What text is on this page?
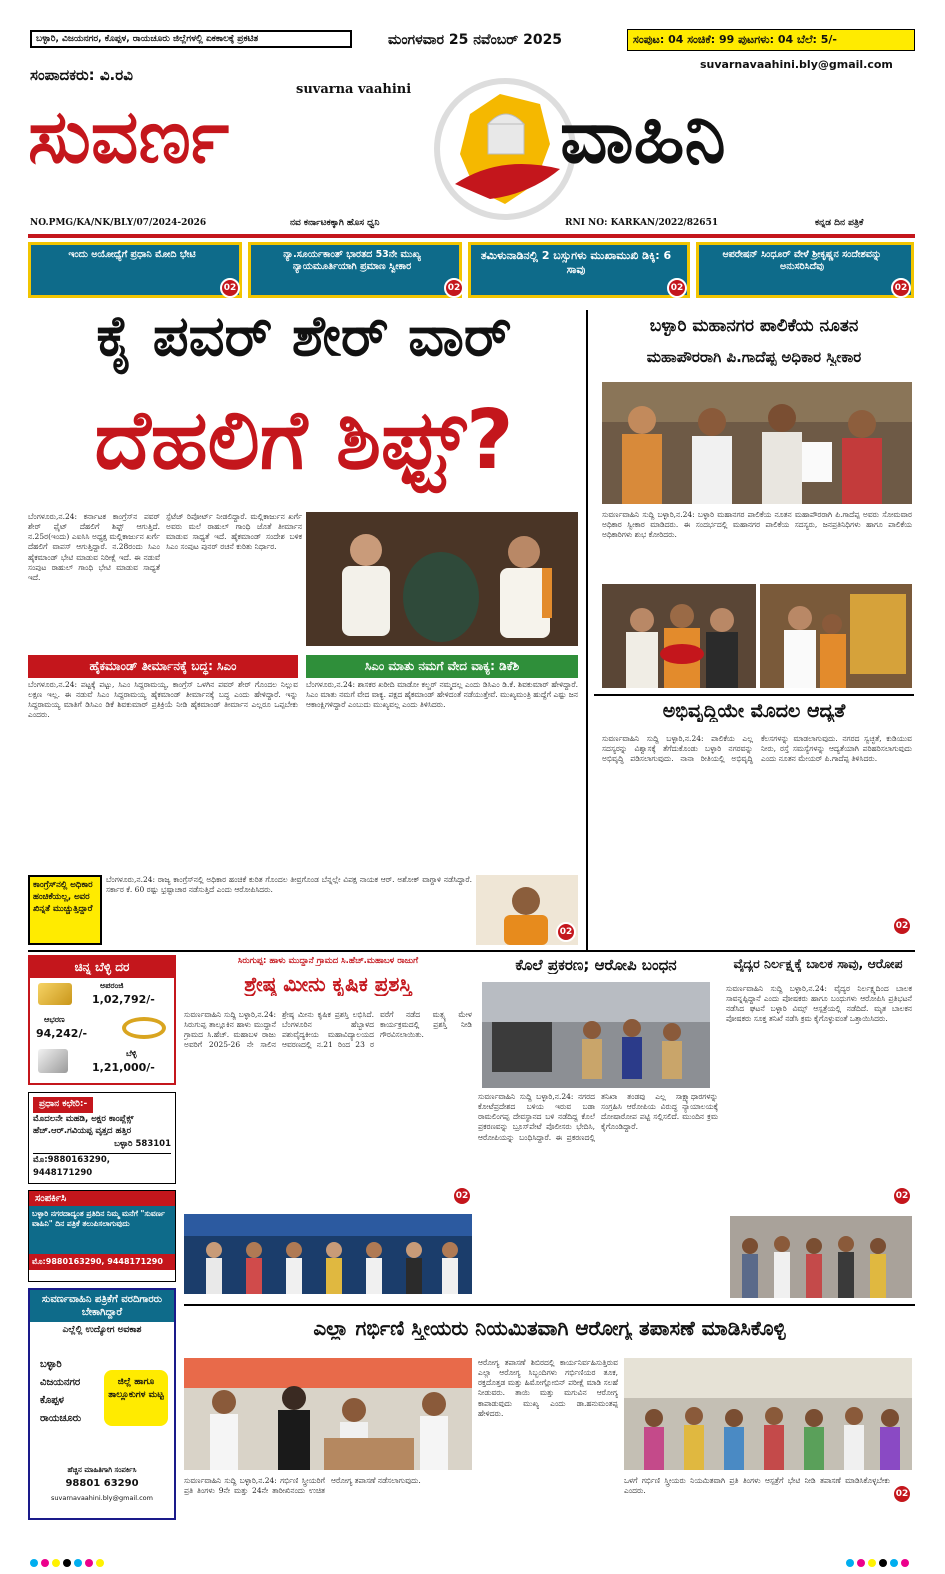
ಬಳ್ಳಾರಿ, ವಿಜಯನಗರ, ಕೊಪ್ಪಳ, ರಾಯಚೂರು ಜಿಲ್ಲೆಗಳಲ್ಲಿ ಏಕಕಾಲಕ್ಕೆ ಪ್ರಕಟಿತ	ಮಂಗಳವಾರ 25 ನವೆಂಬರ್ 2025	ಸಂಪುಟ: 04 ಸಂಚಿಕೆ: 99 ಪುಟಗಳು: 04 ಬೆಲೆ: 5/-
suvarnavaahini.bly@gmail.com
ಸಂಪಾದಕರು: ವಿ.ರವಿ
suvarna vaahini
ಸುವರ್ಣ	ವಾಹಿನಿ
NO.PMG/KA/NK/BLY/07/2024-2026	ನವ ಕರ್ನಾಟಕಕ್ಕಾಗಿ ಹೊಸ ಧ್ವನಿ	RNI NO: KARKAN/2022/82651	ಕನ್ನಡ ದಿನ ಪತ್ರಿಕೆ
ಇಂದು ಅಯೋಧ್ಯೆಗೆ ಪ್ರಧಾನಿ ಮೋದಿ ಭೇಟಿ	ನ್ಯಾ.ಸೂರ್ಯಕಾಂತ್ ಭಾರತದ 53ನೇ ಮುಖ್ಯ ನ್ಯಾಯಮೂರ್ತಿಯಾಗಿ ಪ್ರಮಾಣ ಸ್ವೀಕಾರ
ತಮಿಳುನಾಡಿನಲ್ಲಿ 2 ಬಸ್ಸುಗಳು ಮುಖಾಮುಖಿ ಡಿಕ್ಕಿ: 6 ಸಾವು
ಆಪರೇಷನ್ ಸಿಂಧೂರ್ ವೇಳೆ ಶ್ರೀಕೃಷ್ಣನ ಸಂದೇಶವನ್ನು ಅನುಸರಿಸಿದೆವು
02	02	02	02
ಕೈ ಪವರ್ ಶೇರ್ ವಾರ್
ದೆಹಲಿಗೆ ಶಿಫ್ಟ್?
ಬೆಂಗಳೂರು,ನ.24: ಕರ್ನಾಟಕ ಕಾಂಗ್ರೆಸ್‌ನ ಪವರ್ ಶೇರ್ ಫೈಟ್ ದೆಹಲಿಗೆ ಶಿಫ್ಟ್ ಆಗುತ್ತಿದೆ. ನ.25ರ(ಇಂದು) ಎಐಸಿಸಿ ಅಧ್ಯಕ್ಷ ಮಲ್ಲಿಕಾರ್ಜುನ ಖರ್ಗೆ ದೆಹಲಿಗೆ ವಾಪಸ್ ಆಗುತ್ತಿದ್ದಾರೆ. ನ.28ರಂದು ಸಿಎಂ ಹೈಕಮಾಂಡ್ ಭೇಟಿ ಮಾಡುವ ನಿರೀಕ್ಷೆ ಇದೆ. ಈ ನಡುವೆ ಸಂಪುಟ ರಾಹುಲ್ ಗಾಂಧಿ ಭೇಟಿ ಮಾಡುವ ಸಾಧ್ಯತೆ ಇದೆ.
ಸ್ಪೆಟೆಜ್ ರಿಪೋರ್ಟ್ ನೀಡಲಿದ್ದಾರೆ. ಮಲ್ಲಿಕಾರ್ಜುನ ಖರ್ಗೆ ಅವರು ಮಲೆ ರಾಹುಲ್ ಗಾಂಧಿ ಜೊತೆ ತೀರ್ಮಾನ ಮಾಡುವ ಸಾಧ್ಯತೆ ಇದೆ. ಹೈಕಮಾಂಡ್ ಸಂದೇಶ ಬಳಿಕ ಸಿಎಂ ಸಂಪುಟ ಪುನರ್ ರಚನೆ ಕುರಿತು ನಿರ್ಧಾರ.
ಹೈಕಮಾಂಡ್ ತೀರ್ಮಾನಕ್ಕೆ ಬದ್ಧ: ಸಿಎಂ	ಸಿಎಂ ಮಾತು ನಮಗೆ ವೇದ ವಾಕ್ಯ: ಡಿಕೆಶಿ
ಬೆಂಗಳೂರು,ನ.24: ಪಟ್ಟಕ್ಕೆ ಪಟ್ಟು, ಸಿಎಂ ಸಿದ್ದರಾಮಯ್ಯ, ಕಾಂಗ್ರೆಸ್ ಒಳಗಿನ ಪವರ್ ಶೇರ್ ಗೊಂದಲ ನಿಲ್ಲುವ ಲಕ್ಷಣ ಇಲ್ಲ. ಈ ನಡುವೆ ಸಿಎಂ ಸಿದ್ದರಾಮಯ್ಯ ಹೈಕಮಾಂಡ್ ತೀರ್ಮಾನಕ್ಕೆ ಬದ್ಧ ಎಂದು ಹೇಳಿದ್ದಾರೆ. ಇನ್ನು ಸಿದ್ದರಾಮಯ್ಯ ಮಾತಿಗೆ ಡಿಸಿಎಂ ಡಿಕೆ ಶಿವಕುಮಾರ್ ಪ್ರತಿಕ್ರಿಯೆ ನೀಡಿ ಹೈಕಮಾಂಡ್ ತೀರ್ಮಾನ ಎಲ್ಲರೂ ಒಪ್ಪಬೇಕು ಎಂದರು.
ಬೆಂಗಳೂರು,ನ.24: ಶಾಸಕರ ಖರೀದಿ ಮಾಡೋ ಕಲ್ಚರ್ ನಮ್ಮದಲ್ಲ ಎಂದು ಡಿಸಿಎಂ ಡಿ.ಕೆ. ಶಿವಕುಮಾರ್ ಹೇಳಿದ್ದಾರೆ. ಸಿಎಂ ಮಾತು ನಮಗೆ ವೇದ ವಾಕ್ಯ. ಪಕ್ಷದ ಹೈಕಮಾಂಡ್ ಹೇಳಿದಂತೆ ನಡೆಯುತ್ತೇವೆ. ಮುಖ್ಯಮಂತ್ರಿ ಹುದ್ದೆಗೆ ಎಷ್ಟು ಜನ ಆಕಾಂಕ್ಷಿಗಳಿದ್ದಾರೆ ಎಂಬುದು ಮುಖ್ಯವಲ್ಲ ಎಂದು ತಿಳಿಸಿದರು.
ಕಾಂಗ್ರೆಸ್‌ನಲ್ಲಿ ಅಧಿಕಾರ ಹಂಚಿಕೆಯಲ್ಲ, ಅವರ ಖಿನ್ನತೆ ಮುಚ್ಚುತ್ತಿದ್ದಾರೆ
ಬೆಂಗಳೂರು,ನ.24: ರಾಜ್ಯ ಕಾಂಗ್ರೆಸ್‌ನಲ್ಲಿ ಅಧಿಕಾರ ಹಂಚಿಕೆ ಕುರಿತ ಗೊಂದಲ ತೀವ್ರಗೊಂಡ ಬೆನ್ನಲ್ಲೇ ವಿಪಕ್ಷ ನಾಯಕ ಆರ್. ಅಶೋಕ್ ವಾಗ್ದಾಳಿ ನಡೆಸಿದ್ದಾರೆ. ಸರ್ಕಾರ ಕೆ. 60 ರಷ್ಟು ಭ್ರಷ್ಟಾಚಾರ ನಡೆಸುತ್ತಿದೆ ಎಂದು ಆರೋಪಿಸಿದರು.
02
ಬಳ್ಳಾರಿ ಮಹಾನಗರ ಪಾಲಿಕೆಯ ನೂತನ
ಮಹಾಪೌರರಾಗಿ ಪಿ.ಗಾದೆಪ್ಪ ಅಧಿಕಾರ ಸ್ವೀಕಾರ
ಸುವರ್ಣವಾಹಿನಿ ಸುದ್ದಿ ಬಳ್ಳಾರಿ,ನ.24: ಬಳ್ಳಾರಿ ಮಹಾನಗರ ಪಾಲಿಕೆಯ ನೂತನ ಮಹಾಪೌರರಾಗಿ ಪಿ.ಗಾದೆಪ್ಪ ಅವರು ಸೋಮವಾರ ಅಧಿಕಾರ ಸ್ವೀಕಾರ ಮಾಡಿದರು. ಈ ಸಂದರ್ಭದಲ್ಲಿ ಮಹಾನಗರ ಪಾಲಿಕೆಯ ಸದಸ್ಯರು, ಜನಪ್ರತಿನಿಧಿಗಳು ಹಾಗೂ ಪಾಲಿಕೆಯ ಅಧಿಕಾರಿಗಳು ಶುಭ ಕೋರಿದರು.
ಅಭಿವೃದ್ಧಿಯೇ ಮೊದಲ ಆದ್ಯತೆ
ಸುವರ್ಣವಾಹಿನಿ ಸುದ್ದಿ ಬಳ್ಳಾರಿ,ನ.24: ಪಾಲಿಕೆಯ ಎಲ್ಲ ಸದಸ್ಯರನ್ನು ವಿಶ್ವಾಸಕ್ಕೆ ತೆಗೆದುಕೊಂಡು ಬಳ್ಳಾರಿ ನಗರವನ್ನು ಅಭಿವೃದ್ಧಿ ಪಡಿಸಲಾಗುವುದು. ನಾನಾ ರೀತಿಯಲ್ಲಿ ಅಭಿವೃದ್ಧಿ ಕೆಲಸಗಳನ್ನು ಮಾಡಲಾಗುವುದು. ನಗರದ ಸ್ವಚ್ಛತೆ, ಕುಡಿಯುವ ನೀರು, ರಸ್ತೆ ಸಮಸ್ಯೆಗಳನ್ನು ಆದ್ಯತೆಯಾಗಿ ಪರಿಹರಿಸಲಾಗುವುದು ಎಂದು ನೂತನ ಮೇಯರ್ ಪಿ.ಗಾದೆಪ್ಪ ತಿಳಿಸಿದರು.
02
ಚಿನ್ನ ಬೆಳ್ಳಿ ದರ
ಅಪರಂಜಿ
1,02,792/-
ಆಭರಣ
94,242/-
ಬೆಳ್ಳಿ
1,21,000/-
ಪ್ರಧಾನ ಕಛೇರಿ:-
ಮೊದಲನೇ ಮಹಡಿ, ಅಕ್ಷರ ಕಾಂಪ್ಲೆಕ್ಸ್
ಹೆಚ್.ಆರ್.ಗವಿಯಪ್ಪ ವೃತ್ತದ ಹತ್ತಿರ
ಬಳ್ಳಾರಿ 583101
ಮೊ:9880163290, 9448171290
ಸಂಪರ್ಕಿಸಿ
ಬಳ್ಳಾರಿ ನಗರದಾದ್ಯಂತ ಪ್ರತಿದಿನ ನಿಮ್ಮ ಮನೆಗೆ "ಸುವರ್ಣ ವಾಹಿನಿ" ದಿನ ಪತ್ರಿಕೆ ತಲುಪಿಸಲಾಗುವುದು
ಮೊ:9880163290, 9448171290
ಸುವರ್ಣವಾಹಿನಿ ಪತ್ರಿಕೆಗೆ ವರದಿಗಾರರು ಬೇಕಾಗಿದ್ದಾರೆ
ಎಲ್ಲೆಲ್ಲಿ ಉದ್ಯೋಗ ಅವಕಾಶ
ಬಳ್ಳಾರಿ
ವಿಜಯನಗರ
ಕೊಪ್ಪಳ
ರಾಯಚೂರು
ಜಿಲ್ಲೆ ಹಾಗೂ ತಾಲ್ಲೂಕುಗಳ ಮಟ್ಟ
ಹೆಚ್ಚಿನ ಮಾಹಿತಿಗಾಗಿ ಸಂಪರ್ಕಿಸಿ
98801 63290
suvarnavaahini.bly@gmail.com
ಸಿರುಗುಪ್ಪ: ಹಾಳು ಮುದ್ದಾನೆ ಗ್ರಾಮದ ಸಿ.ಹೆಚ್.ಮಹಾಬಳ ರಾಜುಗೆ
ಶ್ರೇಷ್ಠ ಮೀನು ಕೃಷಿಕ ಪ್ರಶಸ್ತಿ
ಸುವರ್ಣವಾಹಿನಿ ಸುದ್ದಿ ಬಳ್ಳಾರಿ,ನ.24: ಸಿರುಗುಪ್ಪ ತಾಲ್ಲೂಕಿನ ಹಾಳು ಮುದ್ದಾನೆ ಗ್ರಾಮದ ಸಿ.ಹೆಚ್. ಮಹಾಬಳ ರಾಜು ಅವರಿಗೆ 2025-26 ನೇ ಸಾಲಿನ ಶ್ರೇಷ್ಠ ಮೀನು ಕೃಷಿಕ ಪ್ರಶಸ್ತಿ ಲಭಿಸಿದೆ. ಬೆಂಗಳೂರಿನ ಹೆಬ್ಬಾಳದ ಪಶುವೈದ್ಯಕೀಯ ಮಹಾವಿದ್ಯಾಲಯದ ಆವರಣದಲ್ಲಿ ನ.21 ರಿಂದ 23 ರ ವರೆಗೆ ನಡೆದ ಮತ್ಸ್ಯ ಮೇಳ ಕಾರ್ಯಕ್ರಮದಲ್ಲಿ ಪ್ರಶಸ್ತಿ ನೀಡಿ ಗೌರವಿಸಲಾಯಿತು.
02
ಕೊಲೆ ಪ್ರಕರಣ; ಆರೋಪಿ ಬಂಧನ
ಸುವರ್ಣವಾಹಿನಿ ಸುದ್ದಿ ಬಳ್ಳಾರಿ,ನ.24: ನಗರದ ಕೋಟೆಪ್ರದೇಶದ ಬಳಿಯ ಇರುವ ಬಡಾ ರಾಮಲಿಂಗಪ್ಪ ದೇವಸ್ಥಾನದ ಬಳಿ ನಡೆದಿದ್ದ ಕೊಲೆ ಪ್ರಕರಣವನ್ನು ಬ್ರೂಸ್‌ಪೇಟೆ ಪೊಲೀಸರು ಭೇದಿಸಿ, ಆರೋಪಿಯನ್ನು ಬಂಧಿಸಿದ್ದಾರೆ. ಈ ಪ್ರಕರಣದಲ್ಲಿ ತನಿಖಾ ತಂಡವು ಎಲ್ಲ ಸಾಕ್ಷ್ಯಾಧಾರಗಳನ್ನು ಸಂಗ್ರಹಿಸಿ ಆರೋಪಿಯ ವಿರುದ್ಧ ನ್ಯಾಯಾಲಯಕ್ಕೆ ದೋಷಾರೋಪ ಪಟ್ಟಿ ಸಲ್ಲಿಸಲಿದೆ. ಮುಂದಿನ ಕ್ರಮ ಕೈಗೊಂಡಿದ್ದಾರೆ.
ವೈದ್ಯರ ನಿರ್ಲಕ್ಷ್ಯಕ್ಕೆ ಬಾಲಕ ಸಾವು, ಆರೋಪ
ಸುವರ್ಣವಾಹಿನಿ ಸುದ್ದಿ ಬಳ್ಳಾರಿ,ನ.24: ವೈದ್ಯರ ನಿರ್ಲಕ್ಷ್ಯದಿಂದ ಬಾಲಕ ಸಾವನ್ನಪ್ಪಿದ್ದಾನೆ ಎಂದು ಪೋಷಕರು ಹಾಗೂ ಬಂಧುಗಳು ಆರೋಪಿಸಿ ಪ್ರತಿಭಟನೆ ನಡೆಸಿದ ಘಟನೆ ಬಳ್ಳಾರಿ ವಿಮ್ಸ್ ಆಸ್ಪತ್ರೆಯಲ್ಲಿ ನಡೆದಿದೆ. ಮೃತ ಬಾಲಕನ ಪೋಷಕರು ಸೂಕ್ತ ತನಿಖೆ ನಡೆಸಿ ಕ್ರಮ ಕೈಗೊಳ್ಳುವಂತೆ ಒತ್ತಾಯಿಸಿದರು.
02
ಎಲ್ಲಾ ಗರ್ಭಿಣಿ ಸ್ತ್ರೀಯರು ನಿಯಮಿತವಾಗಿ ಆರೋಗ್ಯ ತಪಾಸಣೆ ಮಾಡಿಸಿಕೊಳ್ಳಿ
ಆರೋಗ್ಯ ತಪಾಸಣೆ ಶಿಬಿರದಲ್ಲಿ ಕಾರ್ಯನಿರ್ವಹಿಸುತ್ತಿರುವ ಎಲ್ಲಾ ಆರೋಗ್ಯ ಸಿಬ್ಬಂದಿಗಳು ಗರ್ಭಿಣಿಯರ ತೂಕ, ರಕ್ತದೊತ್ತಡ ಮತ್ತು ಹಿಮೋಗ್ಲೋಬಿನ್ ಪರೀಕ್ಷೆ ಮಾಡಿ ಸಲಹೆ ನೀಡುವರು. ತಾಯಿ ಮತ್ತು ಮಗುವಿನ ಆರೋಗ್ಯ ಕಾಪಾಡುವುದು ಮುಖ್ಯ ಎಂದು ಡಾ.ಹನುಮಂತಪ್ಪ ಹೇಳಿದರು.
ಸುವರ್ಣವಾಹಿನಿ ಸುದ್ದಿ ಬಳ್ಳಾರಿ,ನ.24: ಗರ್ಭಿಣಿ ಸ್ತ್ರೀಯರಿಗೆ ಪ್ರತಿ ತಿಂಗಳು 9ನೇ ಮತ್ತು 24ನೇ ತಾರೀಖಿನಂದು ಉಚಿತ ಆರೋಗ್ಯ ತಪಾಸಣೆ ನಡೆಸಲಾಗುವುದು.	ಒಳಗೆ ಗರ್ಭಿಣಿ ಸ್ತ್ರೀಯರು ನಿಯಮಿತವಾಗಿ ಪ್ರತಿ ತಿಂಗಳು ಆಸ್ಪತ್ರೆಗೆ ಭೇಟಿ ನೀಡಿ ತಪಾಸಣೆ ಮಾಡಿಸಿಕೊಳ್ಳಬೇಕು ಎಂದರು.	02
